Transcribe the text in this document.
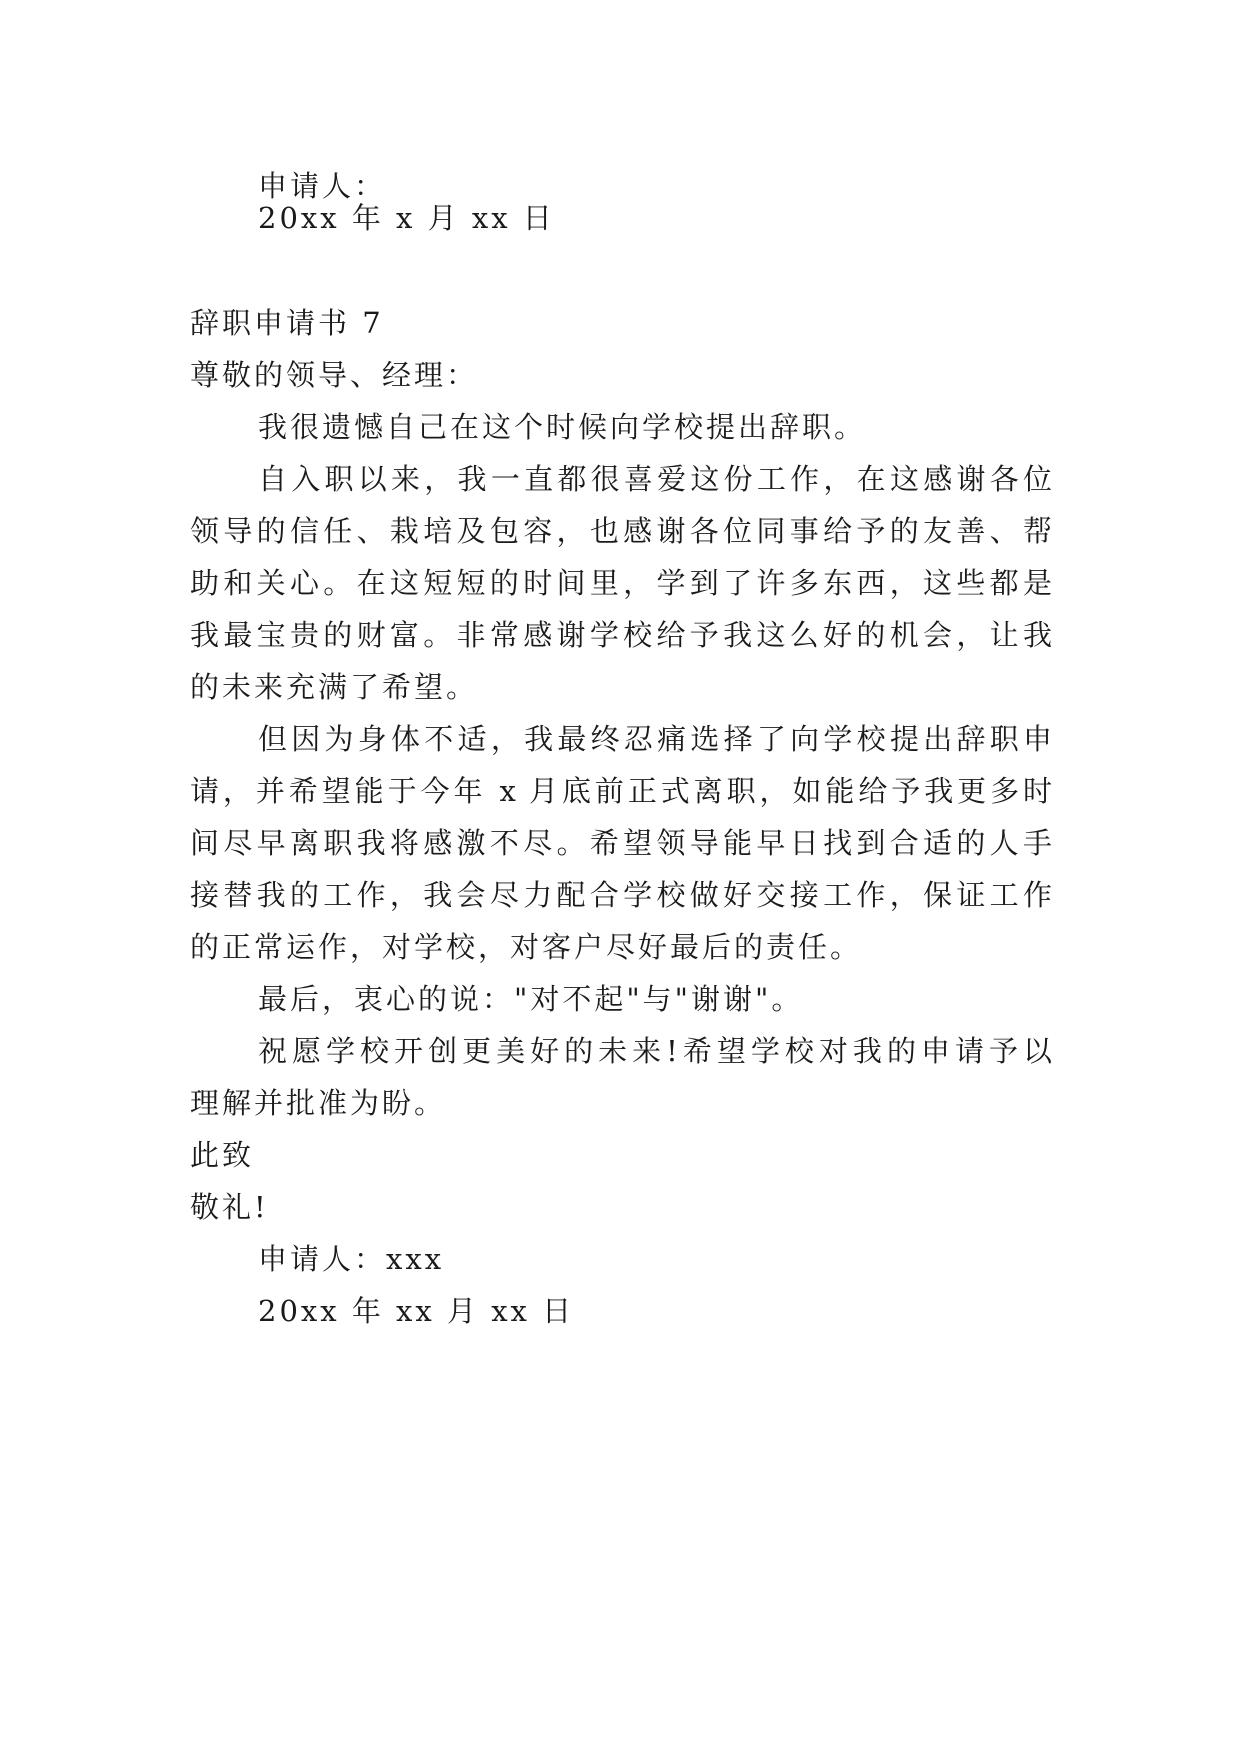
申请人：
20xx 年 x 月 xx 日
辞职申请书 7
尊敬的领导、经理：
我很遗憾自己在这个时候向学校提出辞职。
自入职以来，我一直都很喜爱这份工作，在这感谢各位
领导的信任、栽培及包容，也感谢各位同事给予的友善、帮
助和关心。在这短短的时间里，学到了许多东西，这些都是
我最宝贵的财富。非常感谢学校给予我这么好的机会，让我
的未来充满了希望。
但因为身体不适，我最终忍痛选择了向学校提出辞职申
请，并希望能于今年 x 月底前正式离职，如能给予我更多时
间尽早离职我将感激不尽。希望领导能早日找到合适的人手
接替我的工作，我会尽力配合学校做好交接工作，保证工作
的正常运作，对学校，对客户尽好最后的责任。
最后，衷心的说："对不起"与"谢谢"。
祝愿学校开创更美好的未来!希望学校对我的申请予以
理解并批准为盼。
此致
敬礼!
申请人：xxx
20xx 年 xx 月 xx 日
